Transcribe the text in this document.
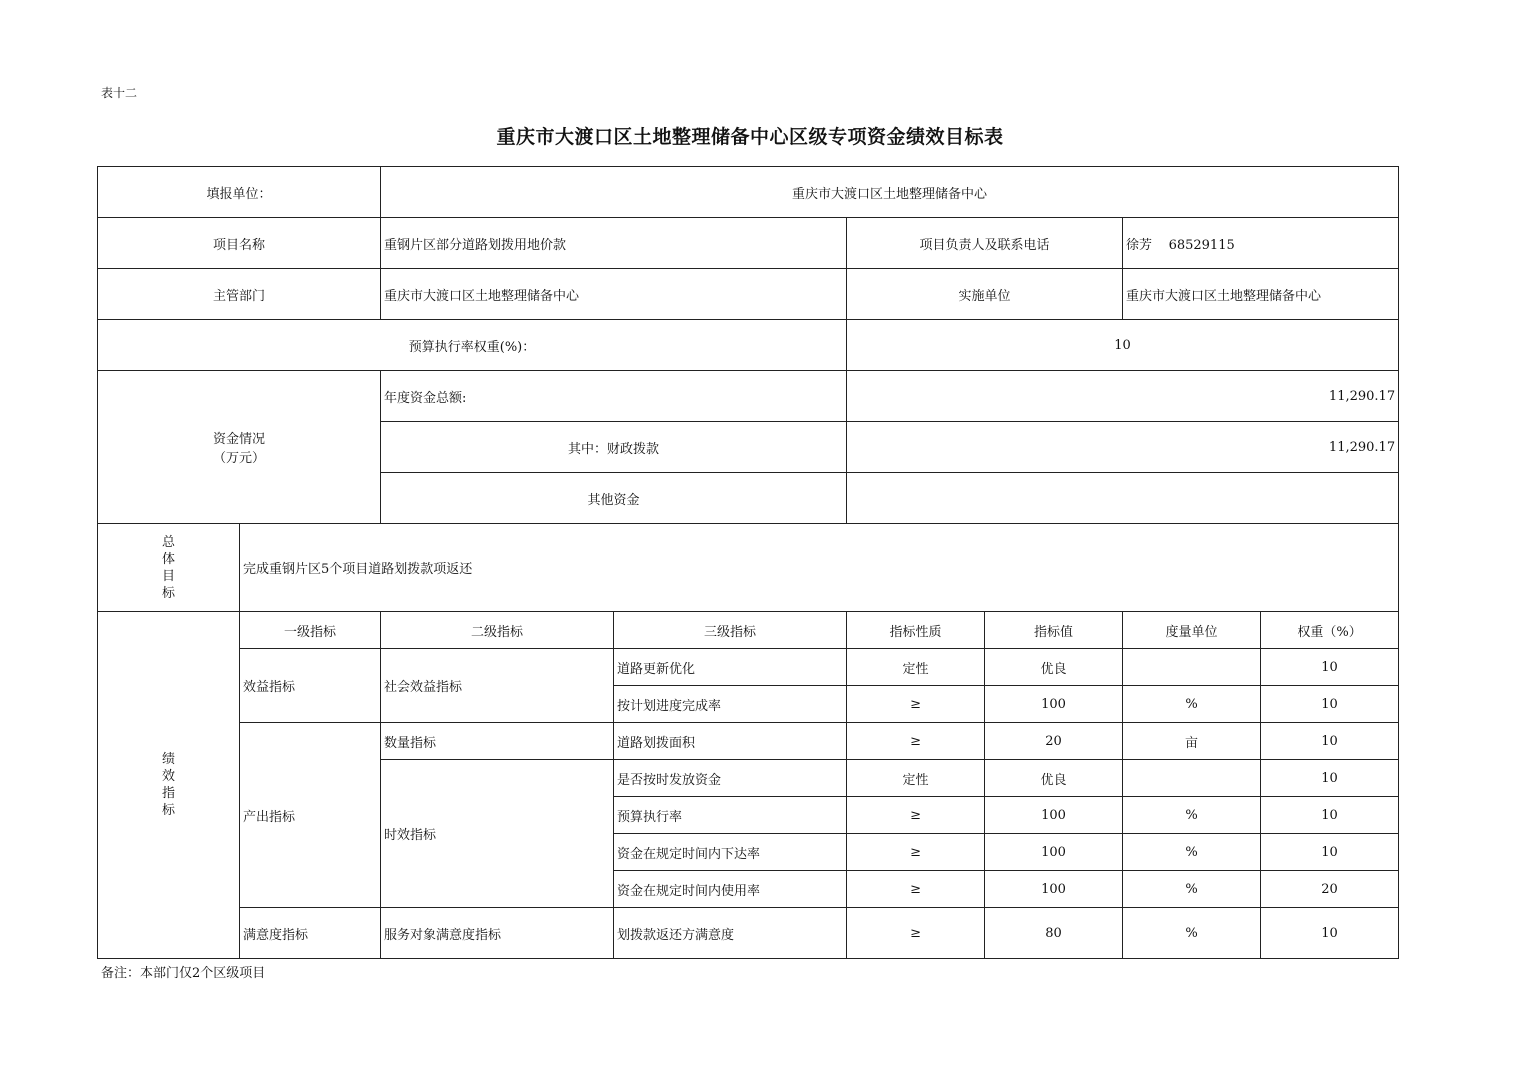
表十二
重庆市大渡口区土地整理储备中心区级专项资金绩效目标表
填报单位：		重庆市大渡口区土地整理储备中心					
项目名称		重钢片区部分道路划拨用地价款		项目负责人及联系电话		徐芳 68529115	
主管部门		重庆市大渡口区土地整理储备中心		实施单位		重庆市大渡口区土地整理储备中心	
预算执行率权重(%)：				10			

资金情况
（万元）		年度资金总额:		11,290.17			
		其中：财政拨款		11,290.17			
		其他资金					

总
体
目
标	完成重钢片区5个项目道路划拨款项返还						

绩
效
指
标	一级指标	二级指标	三级指标	指标性质	指标值	度量单位	权重（%）
	效益指标	社会效益指标	道路更新优化	定性	优良		10
			按计划进度完成率	≥	100	%	10
	产出指标	数量指标	道路划拨面积	≥	20	亩	10
		时效指标	是否按时发放资金	定性	优良		10
			预算执行率	≥	100	%	10
			资金在规定时间内下达率	≥	100	%	10
			资金在规定时间内使用率	≥	100	%	20
	满意度指标	服务对象满意度指标	划拨款返还方满意度	≥	80	%	10
备注：本部门仅2个区级项目
